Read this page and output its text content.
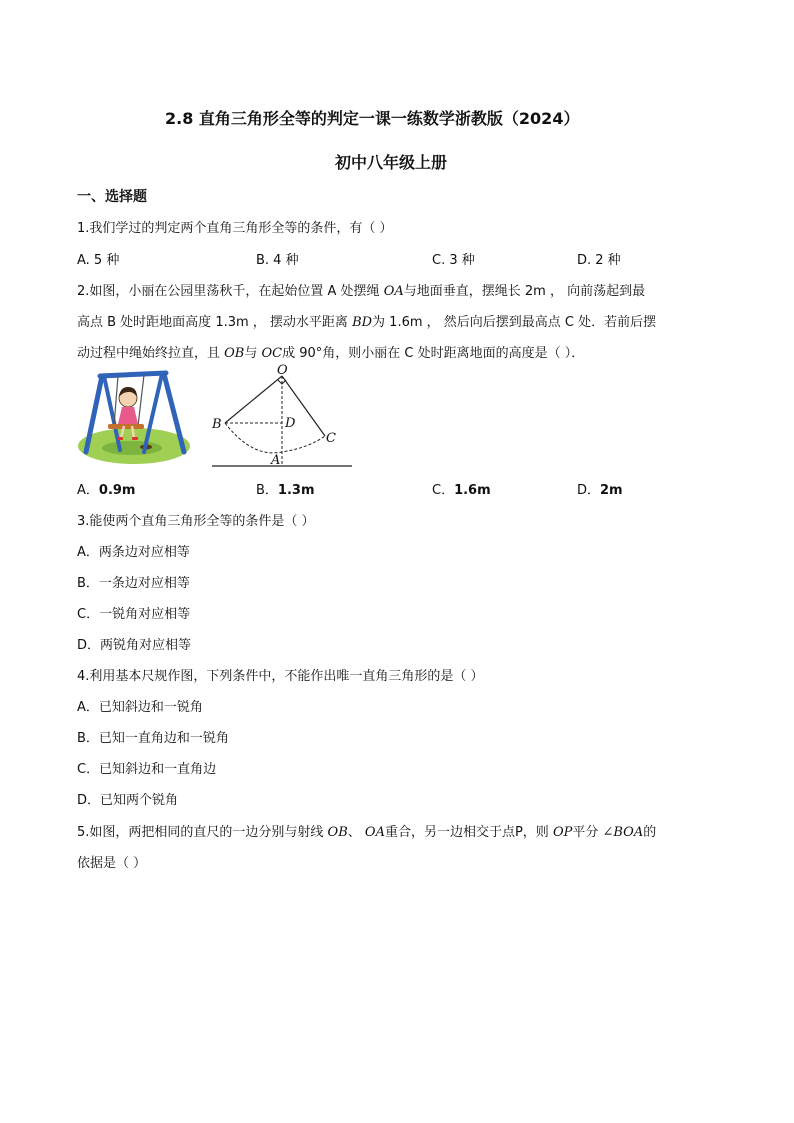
2.8 直角三角形全等的判定一课一练数学浙教版（2024）
初中八年级上册
一、选择题
1.我们学过的判定两个直角三角形全等的条件，有（ ）
A. 5 种	B. 4 种	C. 3 种	D. 2 种
2.如图，小丽在公园里荡秋千，在起始位置 A 处摆绳 OA与地面垂直，摆绳长 2m ， 向前荡起到最
高点 B 处时距地面高度 1.3m ， 摆动水平距离 BD为 1.6m ， 然后向后摆到最高点 C 处．若前后摆
动过程中绳始终拉直，且 OB与 OC成 90°角，则小丽在 C 处时距离地面的高度是（ ）．
O
B	D
C
A
A．0.9m	B．1.3m	C．1.6m	D．2m
3.能使两个直角三角形全等的条件是（ ）
A．两条边对应相等
B．一条边对应相等
C．一锐角对应相等
D．两锐角对应相等
4.利用基本尺规作图，下列条件中，不能作出唯一直角三角形的是（ ）
A．已知斜边和一锐角
B．已知一直角边和一锐角
C．已知斜边和一直角边
D．已知两个锐角
5.如图，两把相同的直尺的一边分别与射线 OB、 OA重合，另一边相交于点P，则 OP平分 ∠BOA的
依据是（ ）
